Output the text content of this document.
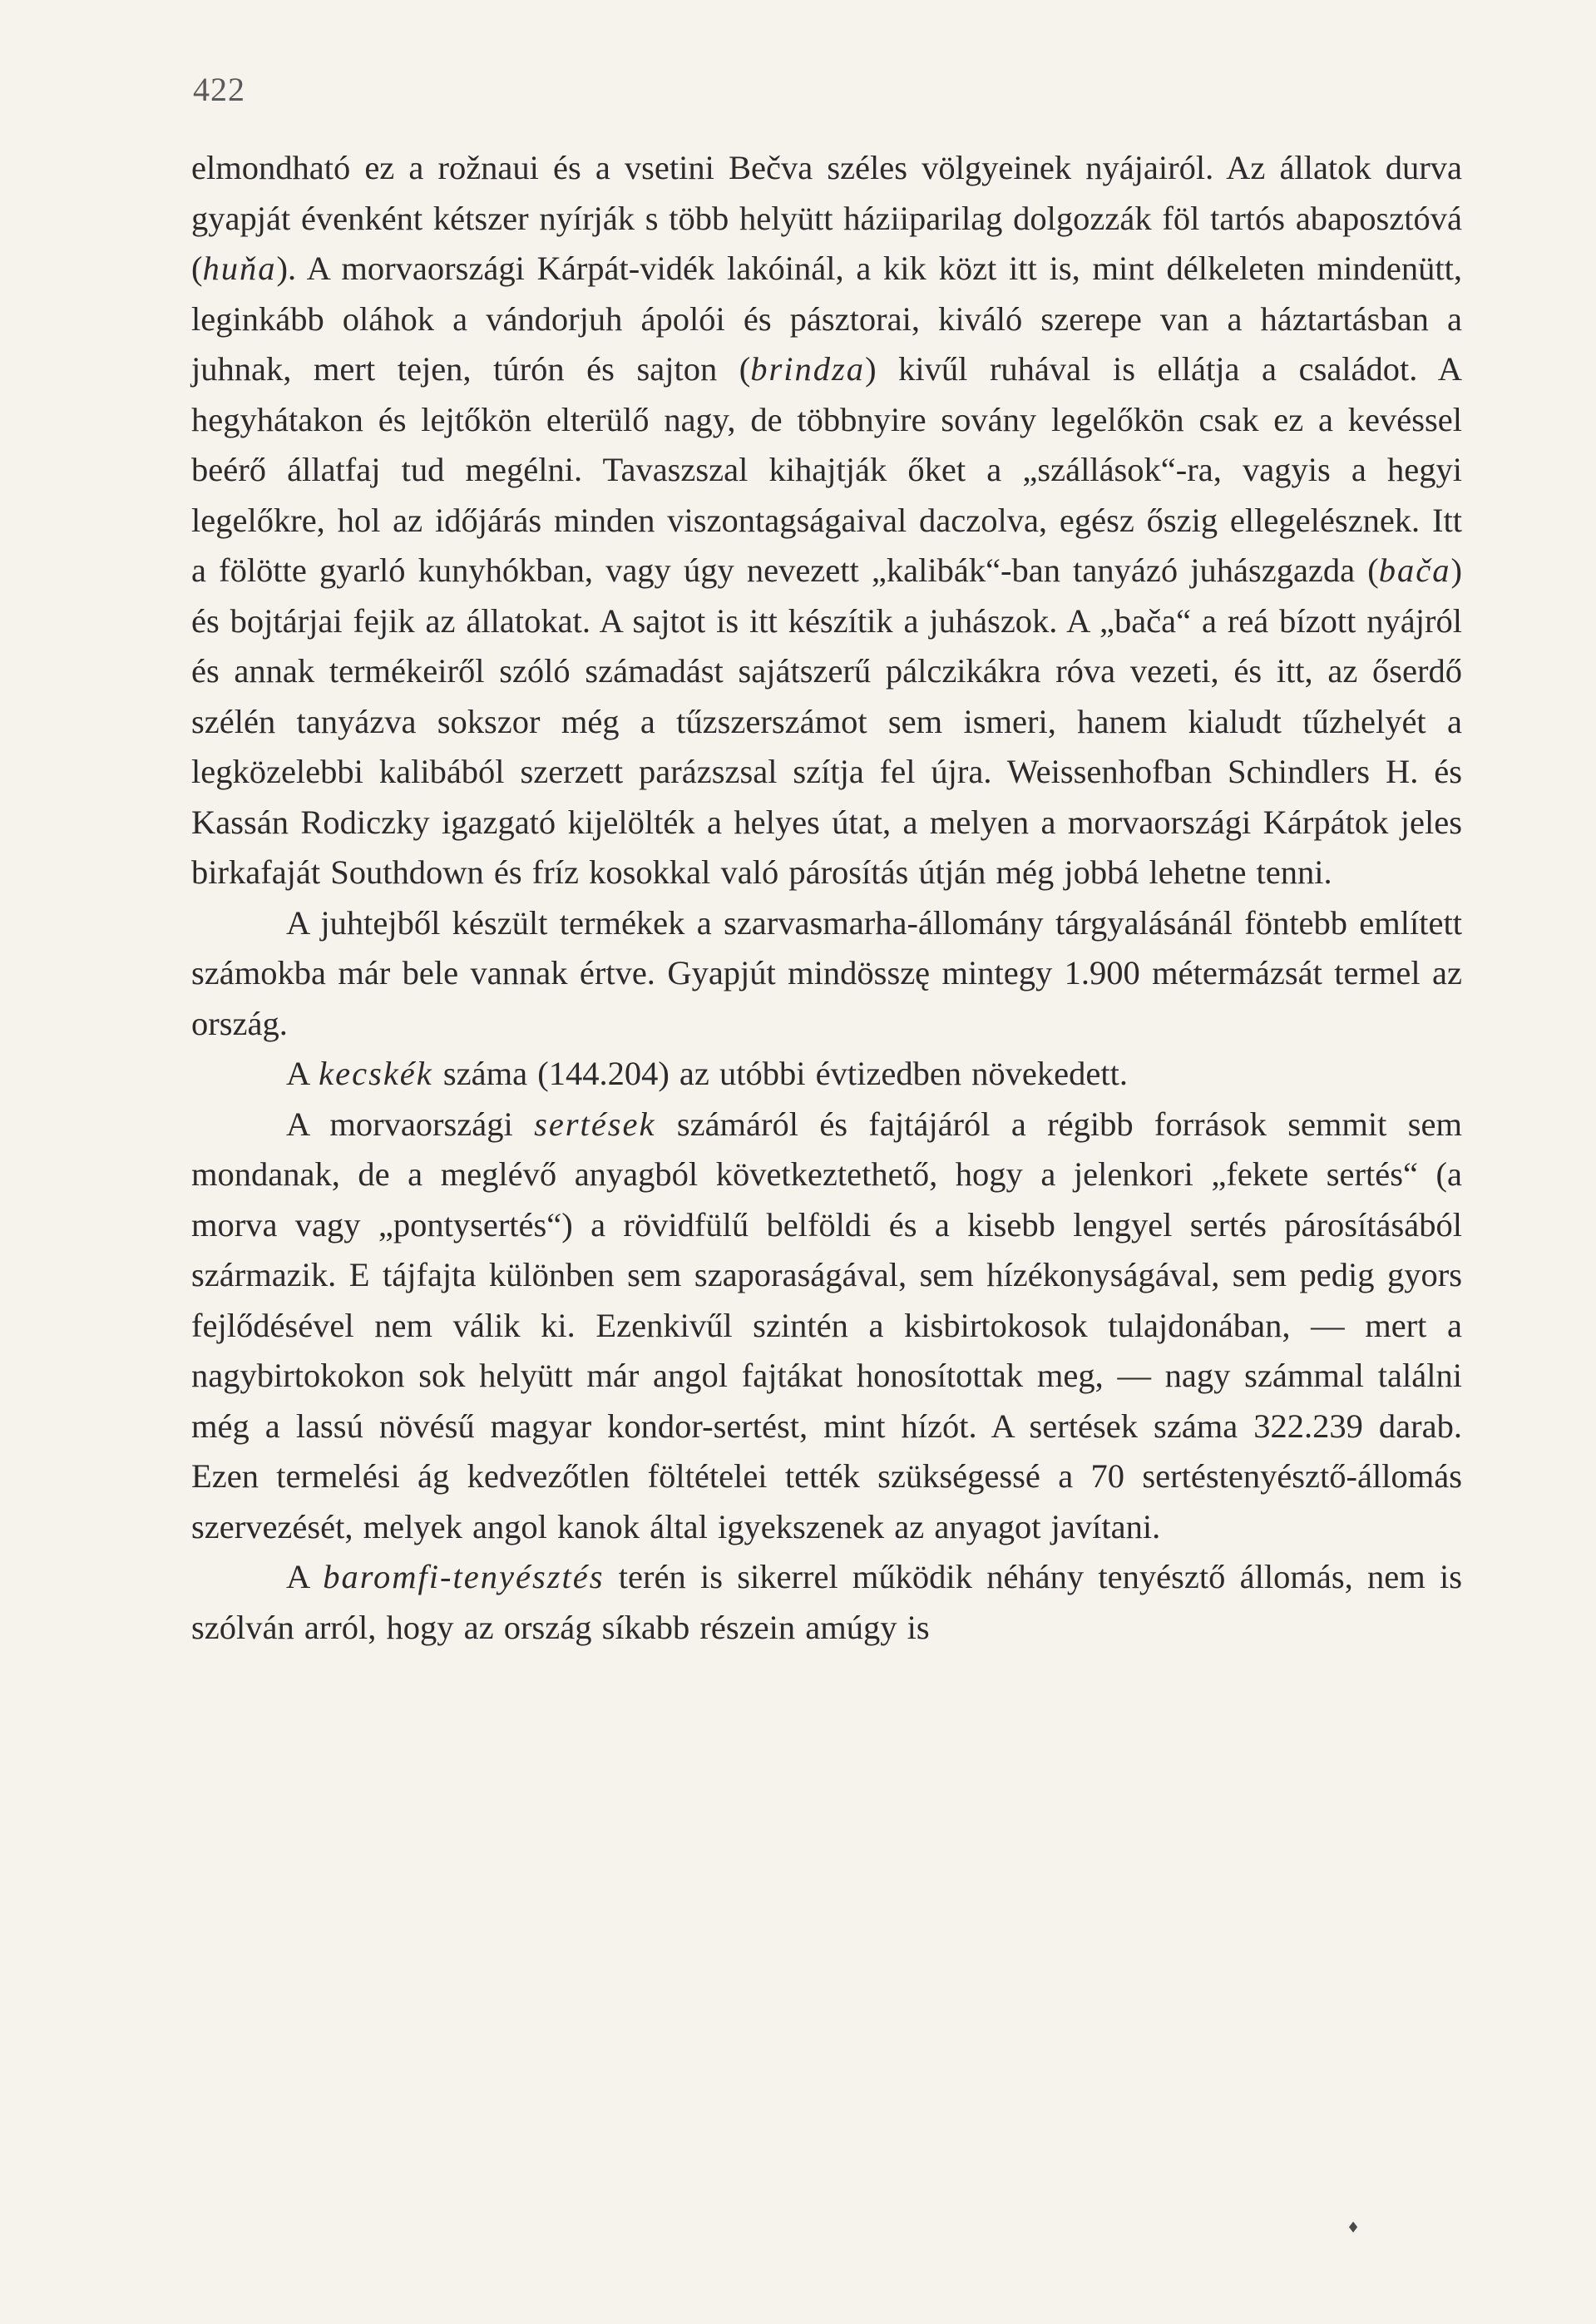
422

elmondható ez a rožnaui és a vsetini Bečva széles völgyeinek nyájairól. Az állatok durva gyapját évenként kétszer nyírják s több helyütt háziiparilag dolgozzák föl tartós abaposztóvá (huňa). A morvaországi Kárpát-vidék lakóinál, a kik közt itt is, mint délkeleten mindenütt, leginkább oláhok a vándorjuh ápolói és pásztorai, kiváló szerepe van a háztartásban a juhnak, mert tejen, túrón és sajton (brindza) kivűl ruhával is ellátja a családot. A hegyhátakon és lejtőkön elterülő nagy, de többnyire sovány legelőkön csak ez a kevéssel beérő állatfaj tud megélni. Tavaszszal kihajtják őket a „szállások“-ra, vagyis a hegyi legelőkre, hol az időjárás minden viszontagságaival daczolva, egész őszig ellegelésznek. Itt a fölötte gyarló kunyhókban, vagy úgy nevezett „kalibák“-ban tanyázó juhászgazda (bača) és bojtárjai fejik az állatokat. A sajtot is itt készítik a juhászok. A „bača“ a reá bízott nyájról és annak termékeiről szóló számadást sajátszerű pálczikákra róva vezeti, és itt, az őserdő szélén tanyázva sokszor még a tűzszerszámot sem ismeri, hanem kialudt tűzhelyét a legközelebbi kalibából szerzett parázszsal szítja fel újra. Weissenhofban Schindlers H. és Kassán Rodiczky igazgató kijelölték a helyes útat, a melyen a morvaországi Kárpátok jeles birkafaját Southdown és fríz kosokkal való párosítás útján még jobbá lehetne tenni.

A juhtejből készült termékek a szarvasmarha-állomány tárgyalásánál föntebb említett számokba már bele vannak értve. Gyapjút mindösszę mintegy 1.900 métermázsát termel az ország.

A kecskék száma (144.204) az utóbbi évtizedben növekedett.

A morvaországi sertések számáról és fajtájáról a régibb források semmit sem mondanak, de a meglévő anyagból következtethető, hogy a jelenkori „fekete sertés“ (a morva vagy „pontysertés“) a rövidfülű belföldi és a kisebb lengyel sertés párosításából származik. E tájfajta különben sem szaporaságával, sem hízékonyságával, sem pedig gyors fejlődésével nem válik ki. Ezenkivűl szintén a kisbirtokosok tulajdonában, — mert a nagybirtokokon sok helyütt már angol fajtákat honosítottak meg, — nagy számmal találni még a lassú növésű magyar kondor-sertést, mint hízót. A sertések száma 322.239 darab. Ezen termelési ág kedvezőtlen föltételei tették szükségessé a 70 sertéstenyésztő-állomás szervezését, melyek angol kanok által igyekszenek az anyagot javítani.

A baromfi-tenyésztés terén is sikerrel működik néhány tenyésztő állomás, nem is szólván arról, hogy az ország síkabb részein amúgy is

♦
